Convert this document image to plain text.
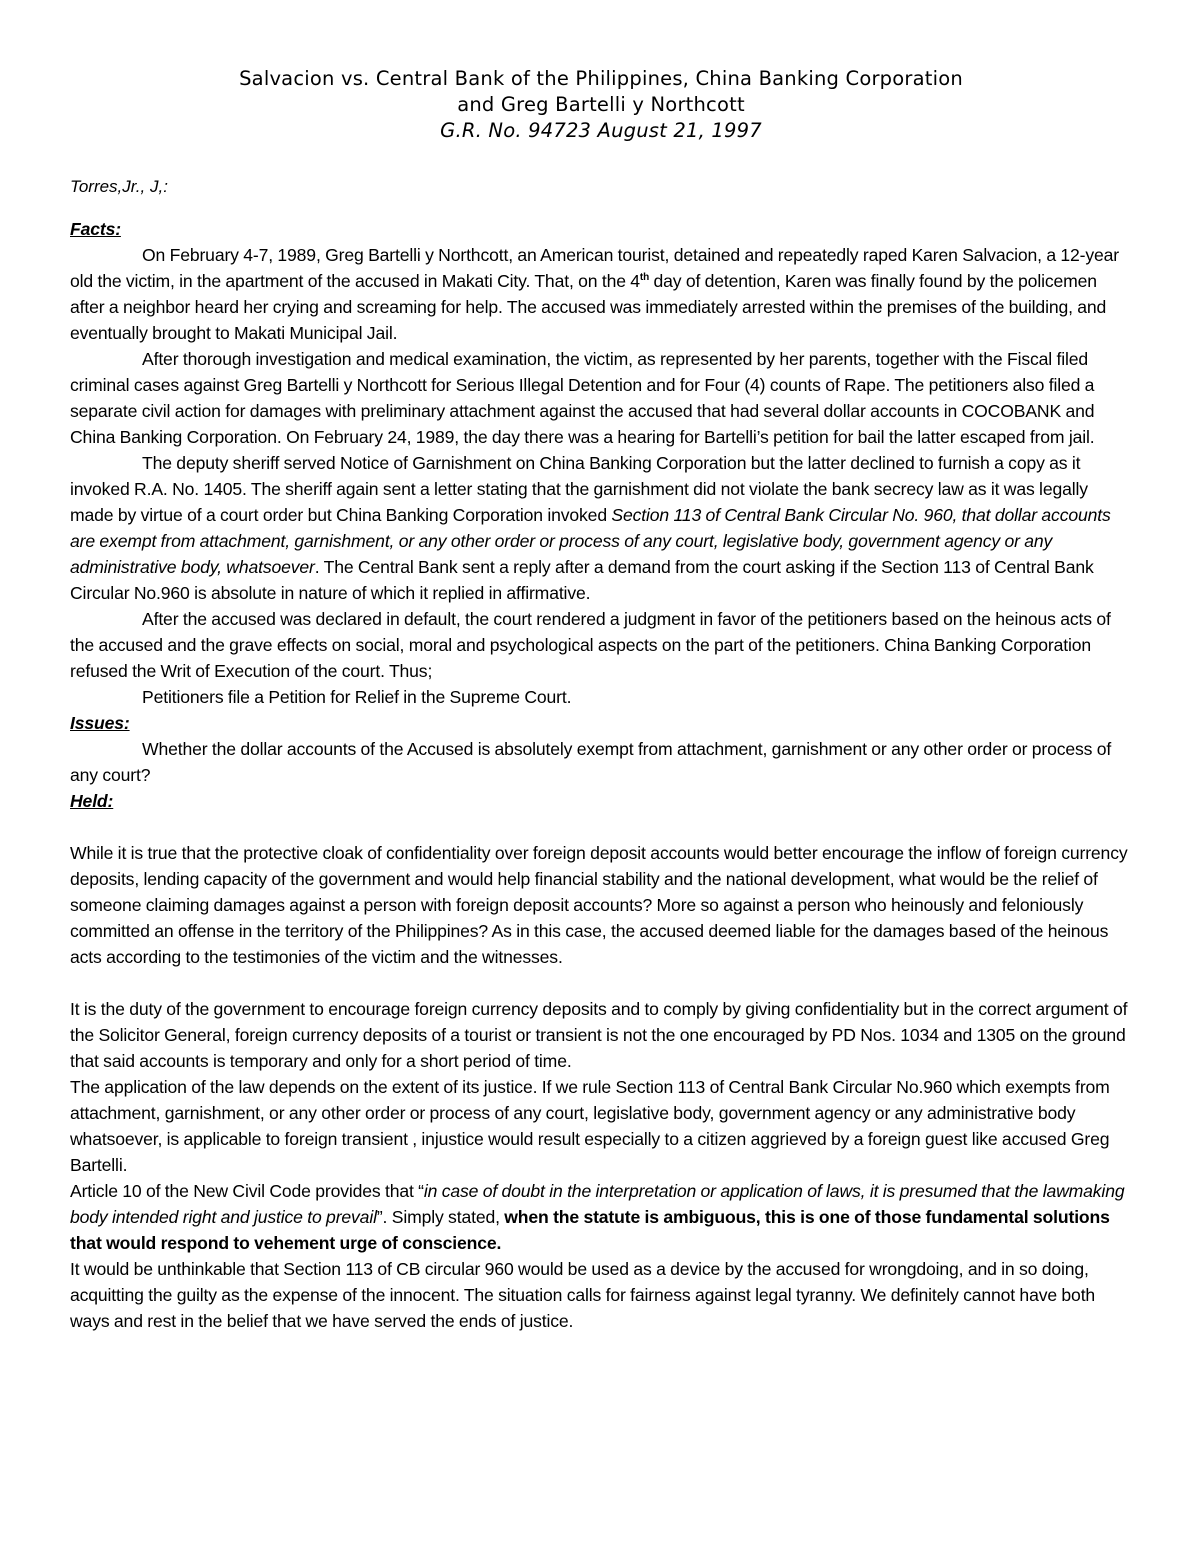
Salvacion vs. Central Bank of the Philippines, China Banking Corporation
and Greg Bartelli y Northcott
G.R. No. 94723 August 21, 1997
Torres,Jr., J,:
Facts:

On February 4-7, 1989, Greg Bartelli y Northcott, an American tourist, detained and repeatedly raped Karen Salvacion, a 12-year old the victim, in the apartment of the accused in Makati City. That, on the 4th day of detention, Karen was finally found by the policemen after a neighbor heard her crying and screaming for help. The accused was immediately arrested within the premises of the building, and eventually brought to Makati Municipal Jail.

After thorough investigation and medical examination, the victim, as represented by her parents, together with the Fiscal filed criminal cases against Greg Bartelli y Northcott for Serious Illegal Detention and for Four (4) counts of Rape. The petitioners also filed a separate civil action for damages with preliminary attachment against the accused that had several dollar accounts in COCOBANK and China Banking Corporation. On February 24, 1989, the day there was a hearing for Bartelli’s petition for bail the latter escaped from jail.

The deputy sheriff served Notice of Garnishment on China Banking Corporation but the latter declined to furnish a copy as it invoked R.A. No. 1405. The sheriff again sent a letter stating that the garnishment did not violate the bank secrecy law as it was legally made by virtue of a court order but China Banking Corporation invoked Section 113 of Central Bank Circular No. 960, that dollar accounts are exempt from attachment, garnishment, or any other order or process of any court, legislative body, government agency or any administrative body, whatsoever. The Central Bank sent a reply after a demand from the court asking if the Section 113 of Central Bank Circular No.960 is absolute in nature of which it replied in affirmative.

After the accused was declared in default, the court rendered a judgment in favor of the petitioners based on the heinous acts of the accused and the grave effects on social, moral and psychological aspects on the part of the petitioners. China Banking Corporation refused the Writ of Execution of the court. Thus;

Petitioners file a Petition for Relief in the Supreme Court.

Issues:

Whether the dollar accounts of the Accused is absolutely exempt from attachment, garnishment or any other order or process of any court?

Held:

While it is true that the protective cloak of confidentiality over foreign deposit accounts would better encourage the inflow of foreign currency deposits, lending capacity of the government and would help financial stability and the national development, what would be the relief of someone claiming damages against a person with foreign deposit accounts? More so against a person who heinously and feloniously committed an offense in the territory of the Philippines? As in this case, the accused deemed liable for the damages based of the heinous acts according to the testimonies of the victim and the witnesses.

It is the duty of the government to encourage foreign currency deposits and to comply by giving confidentiality but in the correct argument of the Solicitor General, foreign currency deposits of a tourist or transient is not the one encouraged by PD Nos. 1034 and 1305 on the ground that said accounts is temporary and only for a short period of time.

The application of the law depends on the extent of its justice. If we rule Section 113 of Central Bank Circular No.960 which exempts from attachment, garnishment, or any other order or process of any court, legislative body, government agency or any administrative body whatsoever, is applicable to foreign transient , injustice would result especially to a citizen aggrieved by a foreign guest like accused Greg Bartelli.

Article 10 of the New Civil Code provides that “in case of doubt in the interpretation or application of laws, it is presumed that the lawmaking body intended right and justice to prevail”. Simply stated, when the statute is ambiguous, this is one of those fundamental solutions that would respond to vehement urge of conscience.

It would be unthinkable that Section 113 of CB circular 960 would be used as a device by the accused for wrongdoing, and in so doing, acquitting the guilty as the expense of the innocent. The situation calls for fairness against legal tyranny. We definitely cannot have both ways and rest in the belief that we have served the ends of justice.
